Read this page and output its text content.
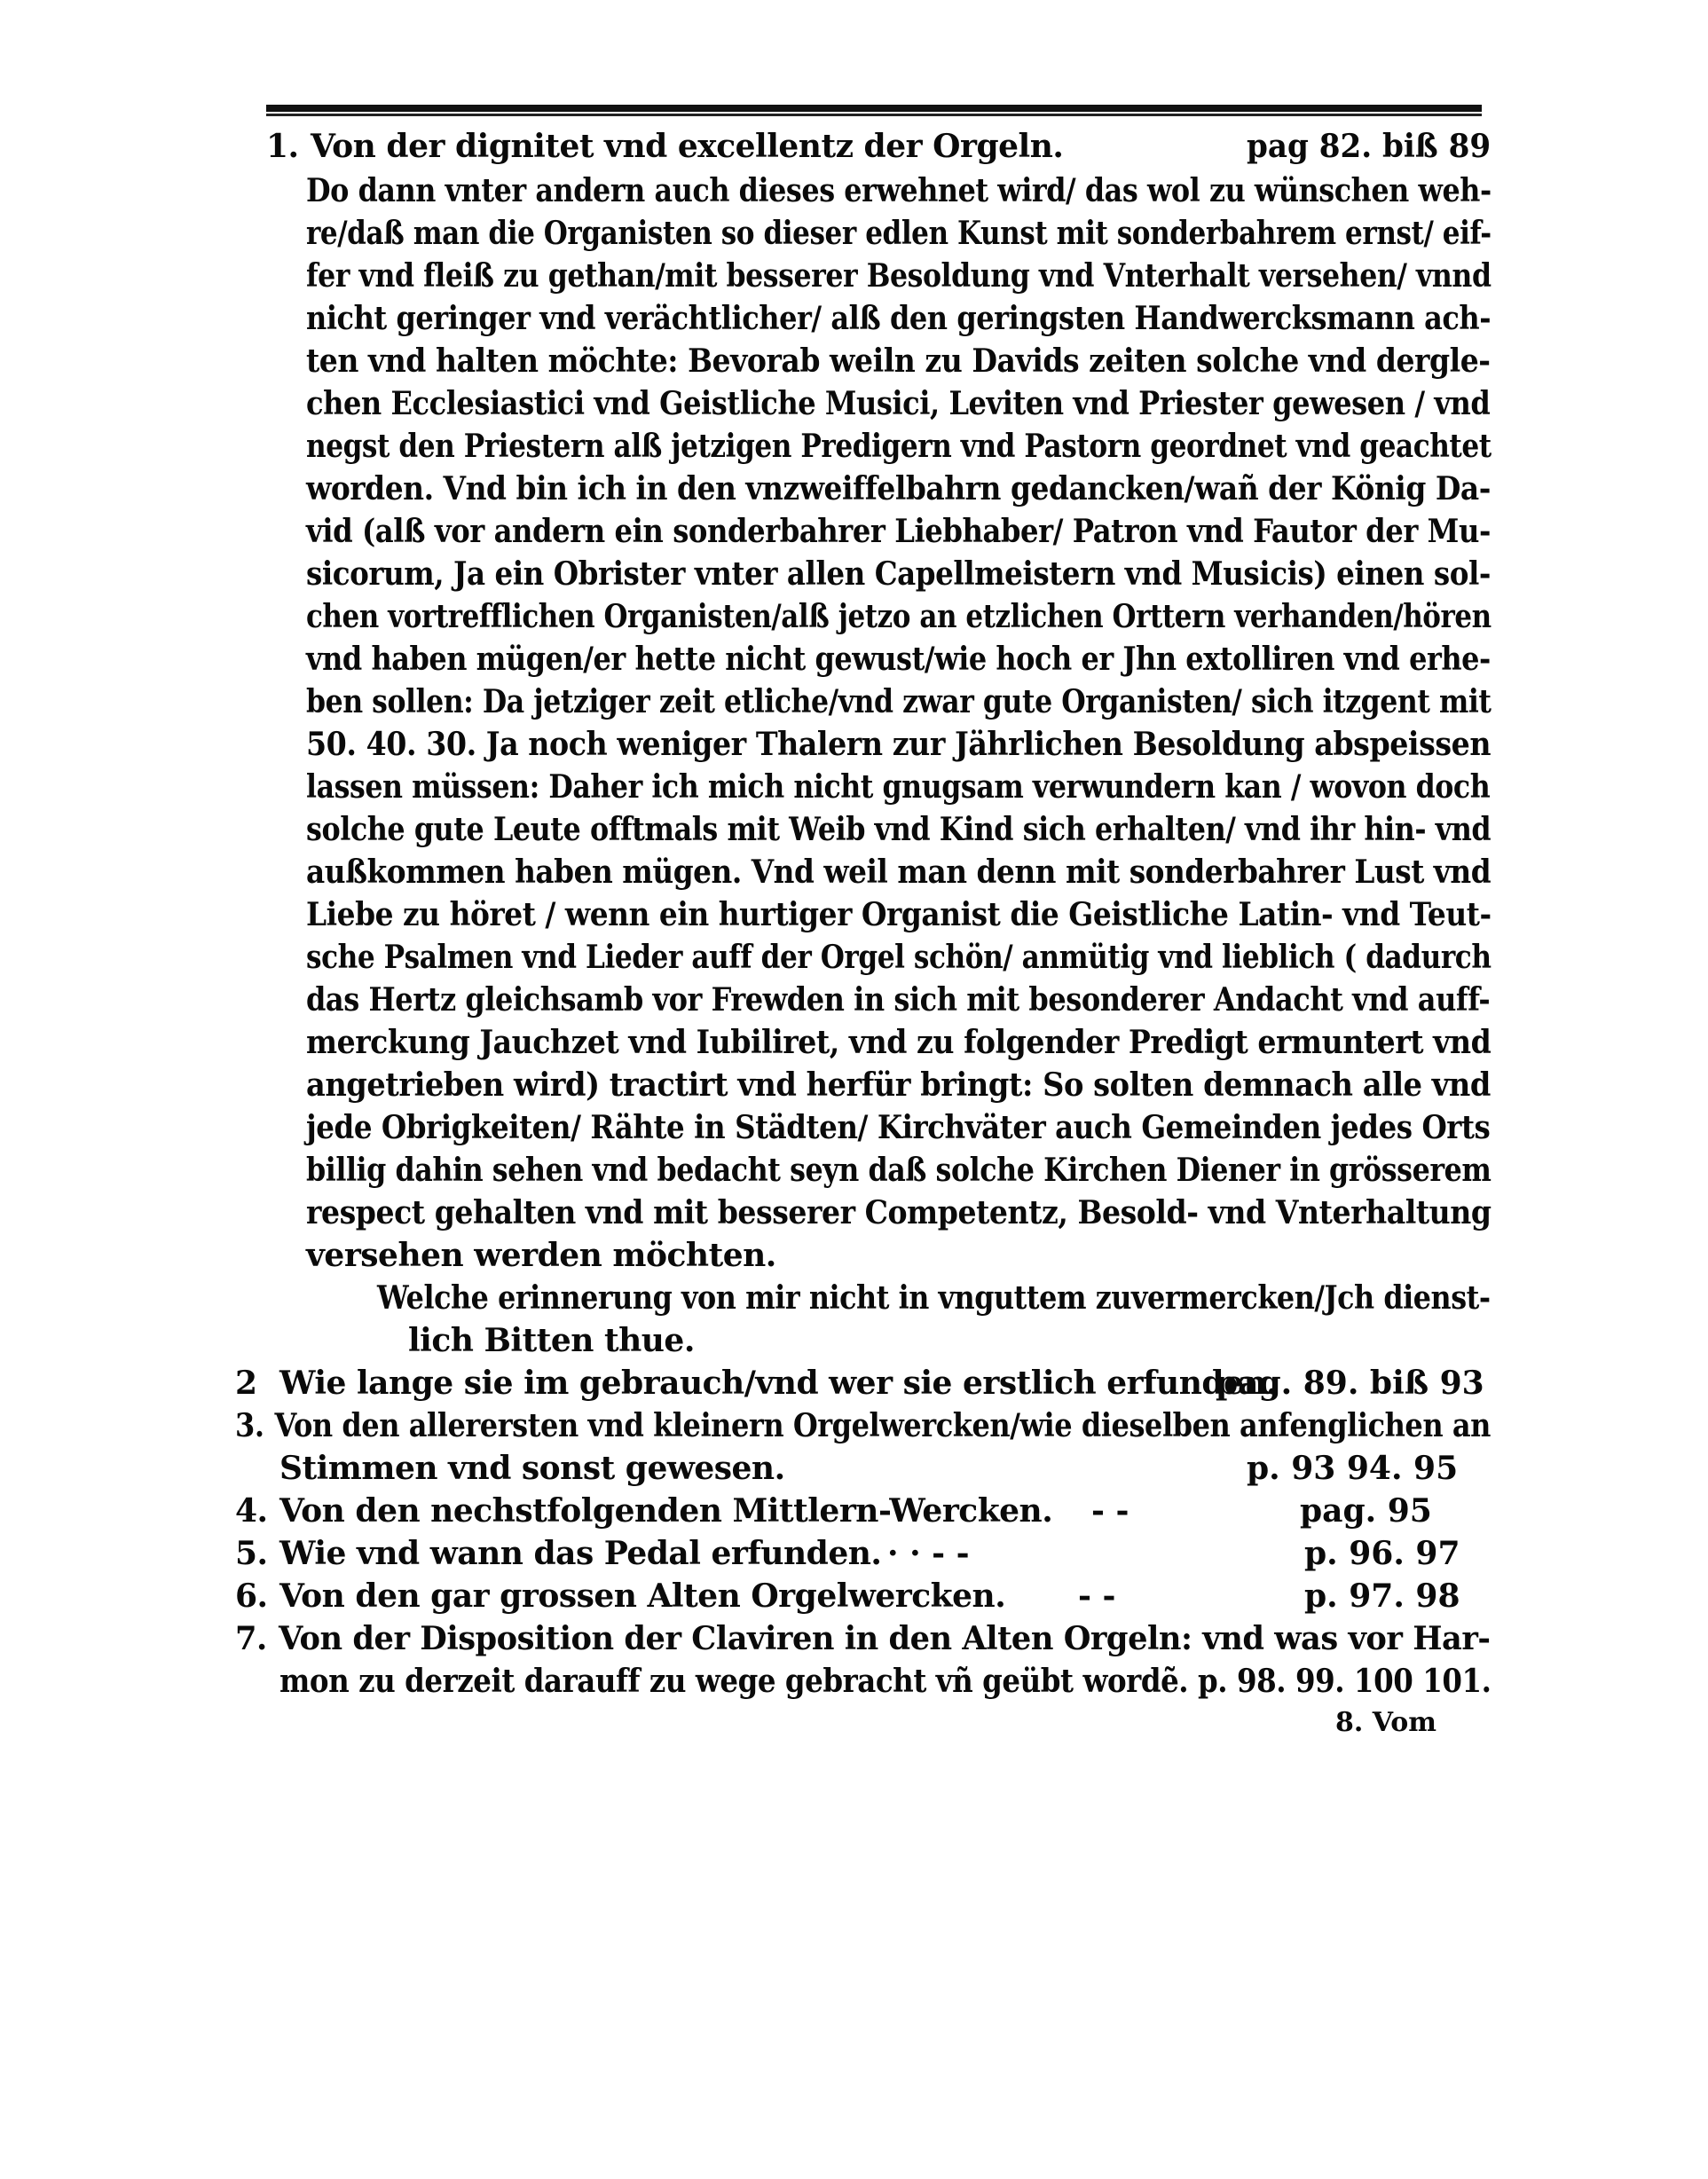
1. Von der dignitet vnd excellentz der Orgeln.	pag 82. biß 89
Do dann vnter andern auch dieses erwehnet wird/ das wol zu wünschen weh-
re/daß man die Organisten so dieser edlen Kunst mit sonderbahrem ernst/ eif-
fer vnd fleiß zu gethan/mit besserer Besoldung vnd Vnterhalt versehen/ vnnd
nicht geringer vnd verächtlicher/ alß den geringsten Handwercksmann ach-
ten vnd halten möchte: Bevorab weiln zu Davids zeiten solche vnd dergle-
chen Ecclesiastici vnd Geistliche Musici, Leviten vnd Priester gewesen / vnd
negst den Priestern alß jetzigen Predigern vnd Pastorn geordnet vnd geachtet
worden. Vnd bin ich in den vnzweiffelbahrn gedancken/wañ der König Da-
vid (alß vor andern ein sonderbahrer Liebhaber/ Patron vnd Fautor der Mu-
sicorum, Ja ein Obrister vnter allen Capellmeistern vnd Musicis) einen sol-
chen vortrefflichen Organisten/alß jetzo an etzlichen Orttern verhanden/hören
vnd haben mügen/er hette nicht gewust/wie hoch er Jhn extolliren vnd erhe-
ben sollen: Da jetziger zeit etliche/vnd zwar gute Organisten/ sich itzgent mit
50. 40. 30. Ja noch weniger Thalern zur Jährlichen Besoldung abspeissen
lassen müssen: Daher ich mich nicht gnugsam verwundern kan / wovon doch
solche gute Leute offtmals mit Weib vnd Kind sich erhalten/ vnd ihr hin- vnd
außkommen haben mügen. Vnd weil man denn mit sonderbahrer Lust vnd
Liebe zu höret / wenn ein hurtiger Organist die Geistliche Latin- vnd Teut-
sche Psalmen vnd Lieder auff der Orgel schön/ anmütig vnd lieblich ( dadurch
das Hertz gleichsamb vor Frewden in sich mit besonderer Andacht vnd auff-
merckung Jauchzet vnd Iubiliret, vnd zu folgender Predigt ermuntert vnd
angetrieben wird) tractirt vnd herfür bringt: So solten demnach alle vnd
jede Obrigkeiten/ Rähte in Städten/ Kirchväter auch Gemeinden jedes Orts
billig dahin sehen vnd bedacht seyn daß solche Kirchen Diener in grösserem
respect gehalten vnd mit besserer Competentz, Besold- vnd Vnterhaltung
versehen werden möchten.
Welche erinnerung von mir nicht in vnguttem zuvermercken/Jch dienst-
lich Bitten thue.
2 Wie lange sie im gebrauch/vnd wer sie erstlich erfunden.
pag. 89. biß 93
3. Von den allerersten vnd kleinern Orgelwercken/wie dieselben anfenglichen an
Stimmen vnd sonst gewesen.	p. 93 94. 95
4. Von den nechstfolgenden Mittlern-Wercken. - -	pag. 95
5. Wie vnd wann das Pedal erfunden. · · - -	p. 96. 97
6. Von den gar grossen Alten Orgelwercken. - -	p. 97. 98
7. Von der Disposition der Claviren in den Alten Orgeln: vnd was vor Har-
mon zu derzeit darauff zu wege gebracht vñ geübt wordẽ. p. 98. 99. 100 101.
8. Vom
